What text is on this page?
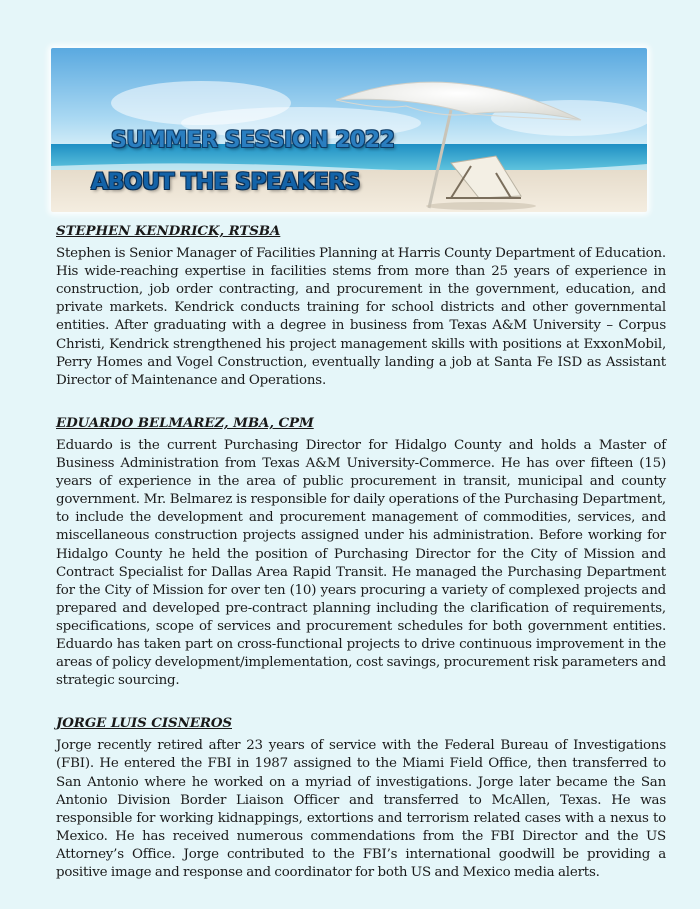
SUMMER SESSION 2022
ABOUT THE SPEAKERS
STEPHEN KENDRICK, RTSBA

Stephen is Senior Manager of Facilities Planning at Harris County Department of Education. His wide-reaching expertise in facilities stems from more than 25 years of experience in construction, job order contracting, and procurement in the government, education, and private markets. Kendrick conducts training for school districts and other governmental entities. After graduating with a degree in business from Texas A&M University – Corpus Christi, Kendrick strengthened his project management skills with positions at ExxonMobil, Perry Homes and Vogel Construction, eventually landing a job at Santa Fe ISD as Assistant Director of Maintenance and Operations.

EDUARDO BELMAREZ, MBA, CPM

Eduardo is the current Purchasing Director for Hidalgo County and holds a Master of Business Administration from Texas A&M University-Commerce. He has over fifteen (15) years of experience in the area of public procurement in transit, municipal and county government. Mr. Belmarez is responsible for daily operations of the Purchasing Department, to include the development and procurement management of commodities, services, and miscellaneous construction projects assigned under his administration. Before working for Hidalgo County he held the position of Purchasing Director for the City of Mission and Contract Specialist for Dallas Area Rapid Transit. He managed the Purchasing Department for the City of Mission for over ten (10) years procuring a variety of complexed projects and prepared and developed pre-contract planning including the clarification of requirements, specifications, scope of services and procurement schedules for both government entities. Eduardo has taken part on cross-functional projects to drive continuous improvement in the areas of policy development/implementation, cost savings, procurement risk parameters and strategic sourcing.

JORGE LUIS CISNEROS

Jorge recently retired after 23 years of service with the Federal Bureau of Investigations (FBI). He entered the FBI in 1987 assigned to the Miami Field Office, then transferred to San Antonio where he worked on a myriad of investigations. Jorge later became the San Antonio Division Border Liaison Officer and transferred to McAllen, Texas. He was responsible for working kidnappings, extortions and terrorism related cases with a nexus to Mexico. He has received numerous commendations from the FBI Director and the US Attorney’s Office. Jorge contributed to the FBI’s international goodwill be providing a positive image and response and coordinator for both US and Mexico media alerts.
